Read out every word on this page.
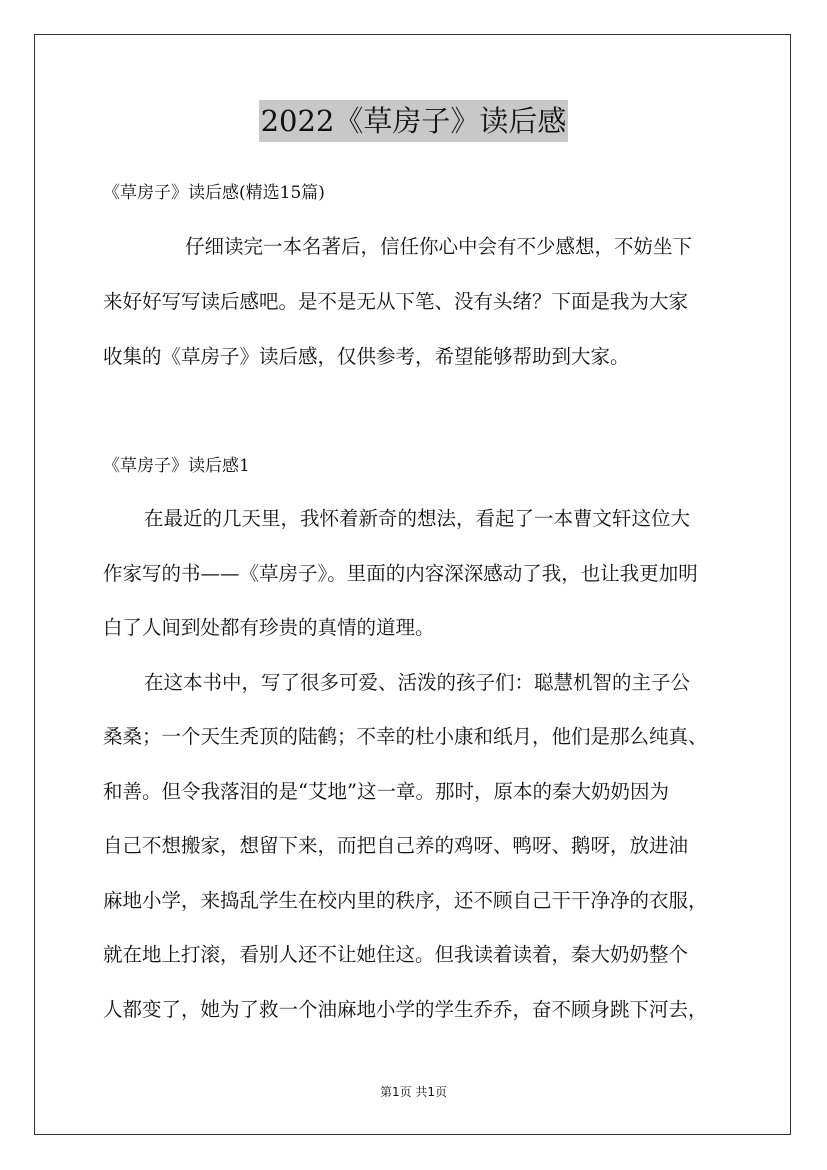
2022《草房子》读后感
《草房子》读后感(精选15篇)
仔细读完一本名著后，信任你心中会有不少感想，不妨坐下
来好好写写读后感吧。是不是无从下笔、没有头绪？下面是我为大家
收集的《草房子》读后感，仅供参考，希望能够帮助到大家。
《草房子》读后感1
在最近的几天里，我怀着新奇的想法，看起了一本曹文轩这位大
作家写的书——《草房子》。里面的内容深深感动了我，也让我更加明
白了人间到处都有珍贵的真情的道理。
在这本书中，写了很多可爱、活泼的孩子们：聪慧机智的主子公
桑桑；一个天生秃顶的陆鹤；不幸的杜小康和纸月，他们是那么纯真、
和善。但令我落泪的是“艾地”这一章。那时，原本的秦大奶奶因为
自己不想搬家，想留下来，而把自己养的鸡呀、鸭呀、鹅呀，放进油
麻地小学，来捣乱学生在校内里的秩序，还不顾自己干干净净的衣服，
就在地上打滚，看别人还不让她住这。但我读着读着，秦大奶奶整个
人都变了，她为了救一个油麻地小学的学生乔乔，奋不顾身跳下河去，
第1页 共1页
